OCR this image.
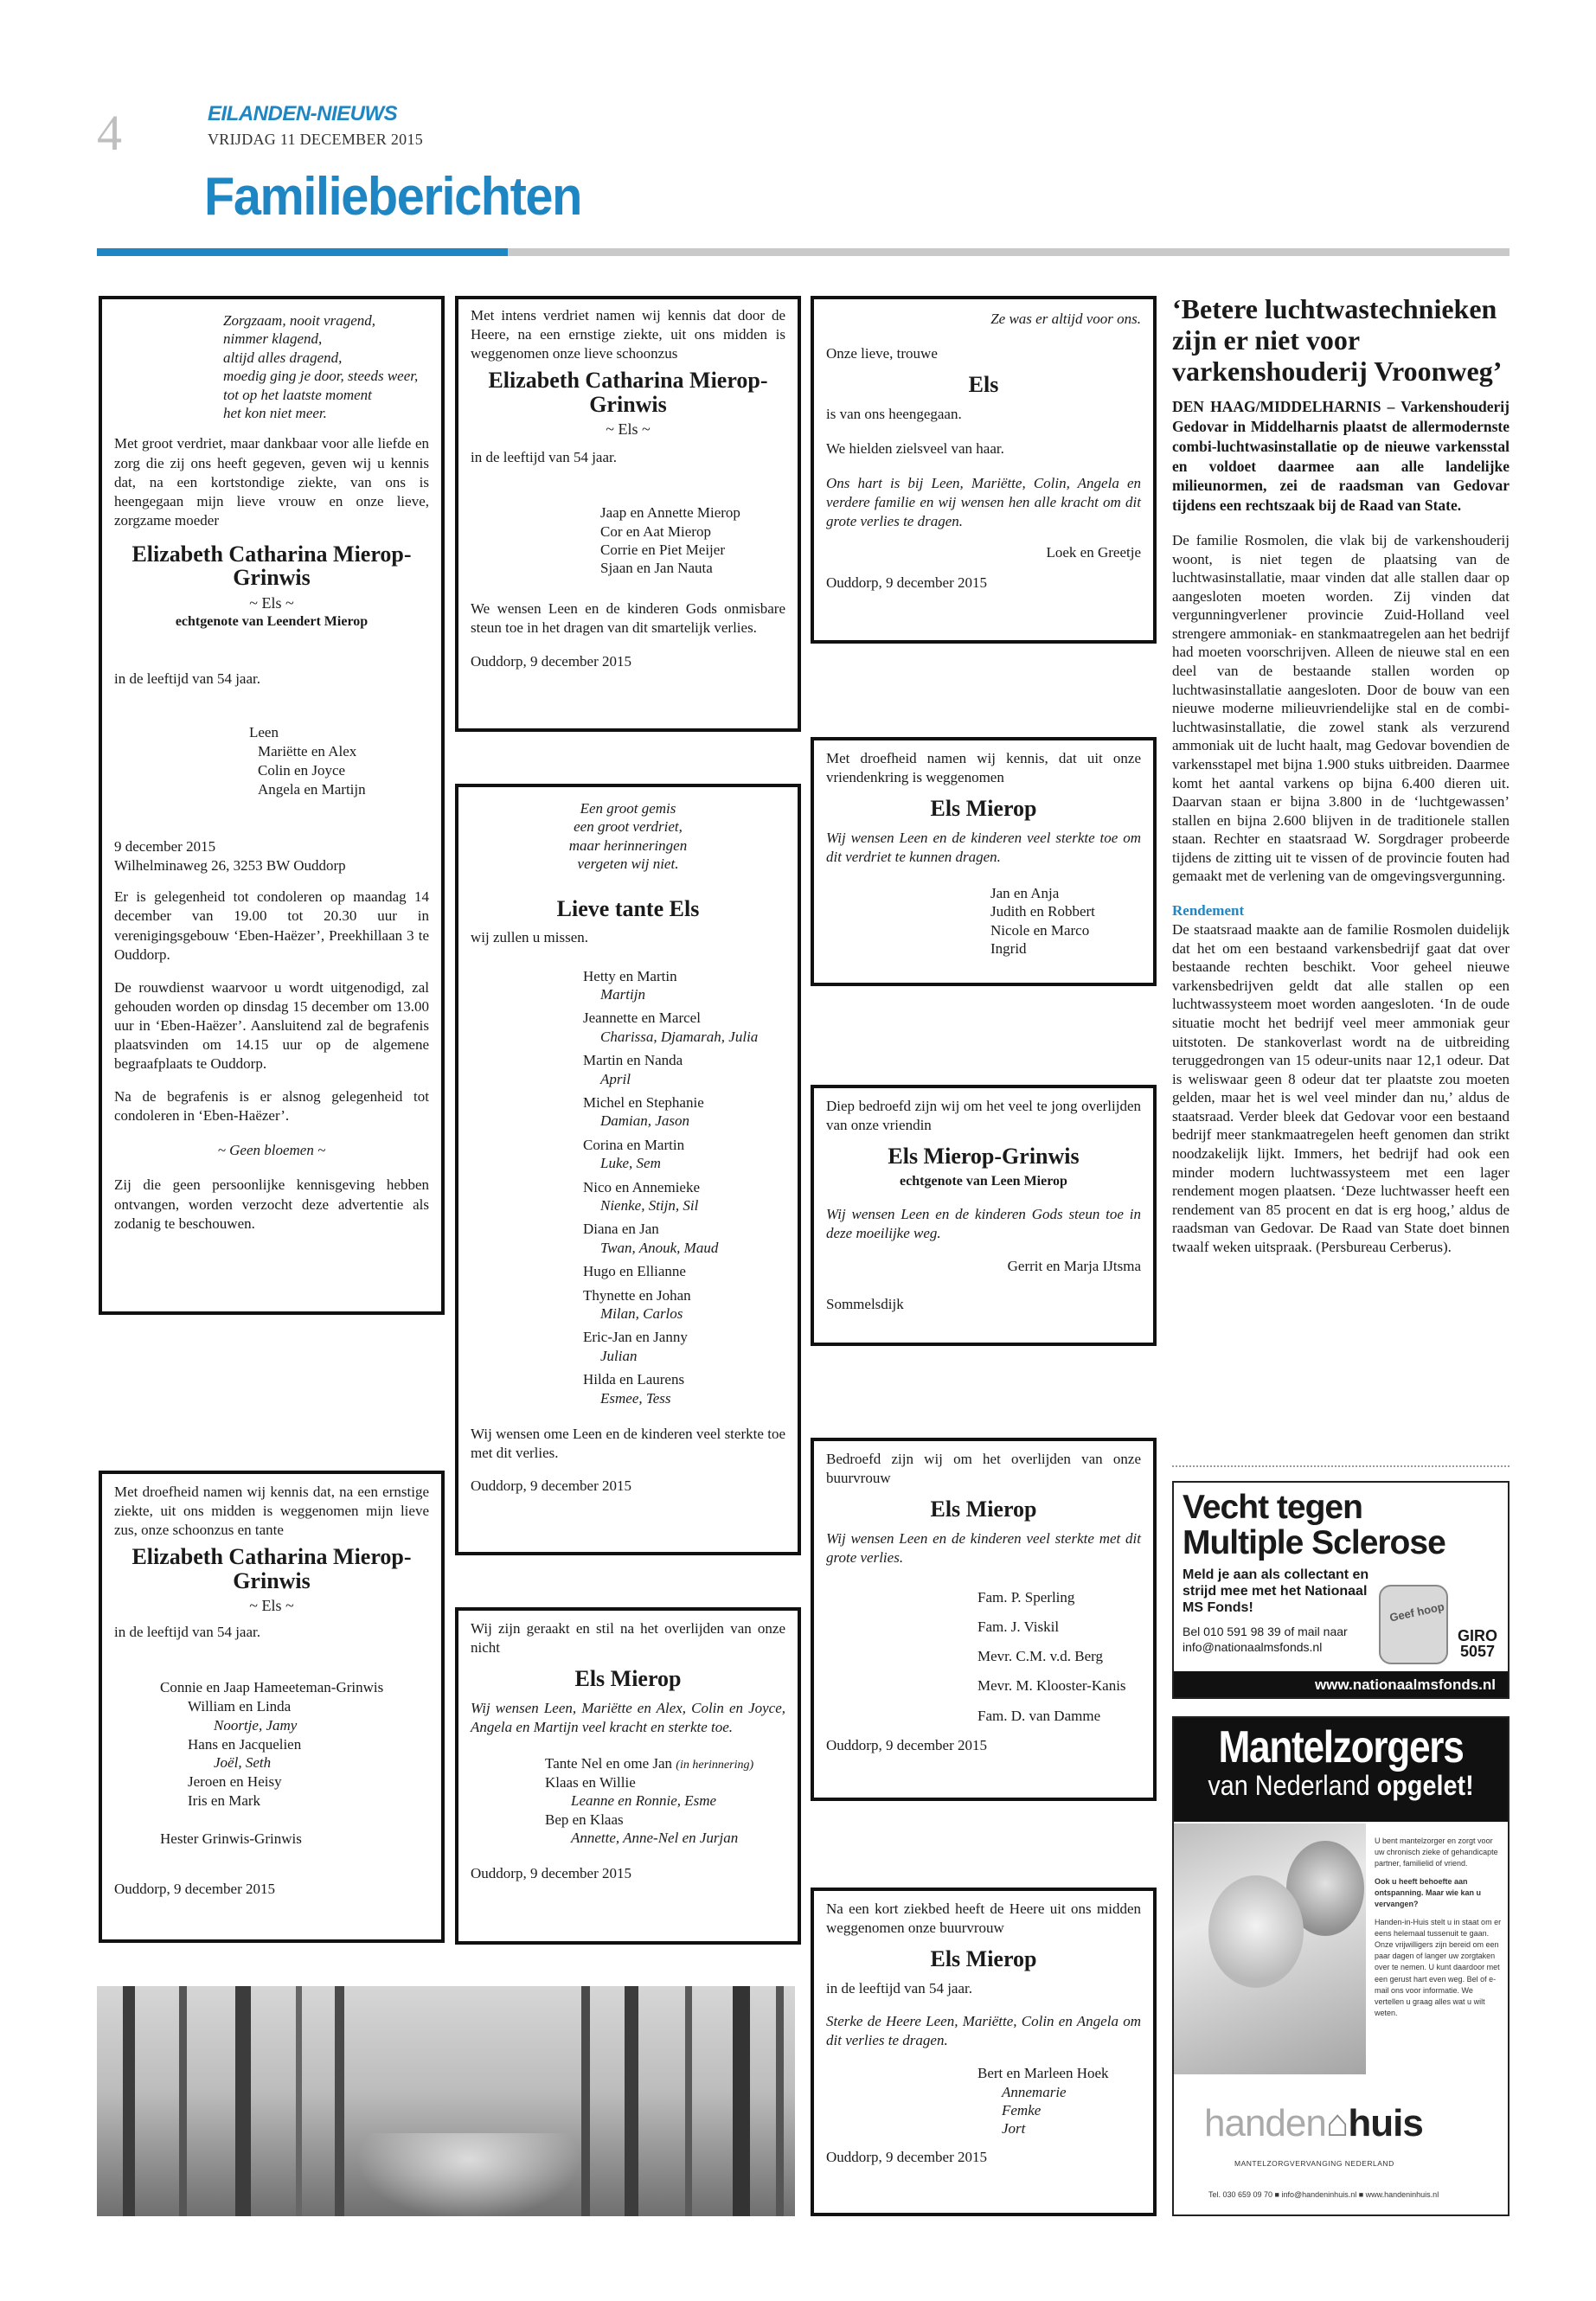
4	EILANDEN-NIEUWS
VRIJDAG 11 DECEMBER 2015
Familieberichten
Zorgzaam, nooit vragend,
nimmer klagend,
altijd alles dragend,
moedig ging je door, steeds weer,
tot op het laatste moment
het kon niet meer.

Met groot verdriet, maar dankbaar voor alle liefde en zorg die zij ons heeft gegeven, geven wij u kennis dat, na een kortstondige ziekte, van ons is heengegaan mijn lieve vrouw en onze lieve, zorgzame moeder

Elizabeth Catharina Mierop-Grinwis
~ Els ~
echtgenote van Leendert Mierop

in de leeftijd van 54 jaar.

Leen
Mariëtte en Alex
Colin en Joyce
Angela en Martijn
9 december 2015

Wilhelminaweg 26, 3253 BW Ouddorp

Er is gelegenheid tot condoleren op maandag 14 december van 19.00 tot 20.30 uur in verenigingsgebouw ‘Eben-Haëzer’, Preekhillaan 3 te Ouddorp.

De rouwdienst waarvoor u wordt uitgenodigd, zal gehouden worden op dinsdag 15 december om 13.00 uur in ‘Eben-Haëzer’. Aansluitend zal de begrafenis plaatsvinden om 14.15 uur op de algemene begraafplaats te Ouddorp.

Na de begrafenis is er alsnog gelegenheid tot condoleren in ‘Eben-Haëzer’.

~ Geen bloemen ~

Zij die geen persoonlijke kennisgeving hebben ontvangen, worden verzocht deze advertentie als zodanig te beschouwen.

Met droefheid namen wij kennis dat, na een ernstige ziekte, uit ons midden is weggenomen mijn lieve zus, onze schoonzus en tante

Elizabeth Catharina Mierop-Grinwis
~ Els ~

in de leeftijd van 54 jaar.

Connie en Jaap Hameeteman-Grinwis
William en Linda
Noortje, Jamy
Hans en Jacquelien
Joël, Seth
Jeroen en Heisy
Iris en Mark
Hester Grinwis-Grinwis
Ouddorp, 9 december 2015

Met intens verdriet namen wij kennis dat door de Heere, na een ernstige ziekte, uit ons midden is weggenomen onze lieve schoonzus

Elizabeth Catharina Mierop-Grinwis
~ Els ~

in de leeftijd van 54 jaar.

Jaap en Annette Mierop
Cor en Aat Mierop
Corrie en Piet Meijer
Sjaan en Jan Nauta

We wensen Leen en de kinderen Gods onmisbare steun toe in het dragen van dit smartelijk verlies.

Ouddorp, 9 december 2015
Een groot gemis
een groot verdriet,
maar herinneringen
vergeten wij niet.
Lieve tante Els

wij zullen u missen.

Hetty en Martin
Martijn
Jeannette en Marcel
Charissa, Djamarah, Julia
Martin en Nanda
April
Michel en Stephanie
Damian, Jason
Corina en Martin
Luke, Sem
Nico en Annemieke
Nienke, Stijn, Sil
Diana en Jan
Twan, Anouk, Maud
Hugo en Ellianne
Thynette en Johan
Milan, Carlos
Eric-Jan en Janny
Julian
Hilda en Laurens
Esmee, Tess

Wij wensen ome Leen en de kinderen veel sterkte toe met dit verlies.

Ouddorp, 9 december 2015

Wij zijn geraakt en stil na het overlijden van onze nicht

Els Mierop

Wij wensen Leen, Mariëtte en Alex, Colin en Joyce, Angela en Martijn veel kracht en sterkte toe.

Tante Nel en ome Jan (in herinnering)
Klaas en Willie
Leanne en Ronnie, Esme
Bep en Klaas
Annette, Anne-Nel en Jurjan
Ouddorp, 9 december 2015

Ze was er altijd voor ons.

Onze lieve, trouwe

Els

is van ons heengegaan.

We hielden zielsveel van haar.

Ons hart is bij Leen, Mariëtte, Colin, Angela en verdere familie en wij wensen hen alle kracht om dit grote verlies te dragen.

Loek en Greetje

Ouddorp, 9 december 2015

Met droefheid namen wij kennis, dat uit onze vriendenkring is weggenomen

Els Mierop

Wij wensen Leen en de kinderen veel sterkte toe om dit verdriet te kunnen dragen.

Jan en Anja
Judith en Robbert
Nicole en Marco
Ingrid

Diep bedroefd zijn wij om het veel te jong overlijden van onze vriendin

Els Mierop-Grinwis
echtgenote van Leen Mierop

Wij wensen Leen en de kinderen Gods steun toe in deze moeilijke weg.

Gerrit en Marja IJtsma

Sommelsdijk

Bedroefd zijn wij om het overlijden van onze buurvrouw

Els Mierop

Wij wensen Leen en de kinderen veel sterkte met dit grote verlies.

Fam. P. Sperling
Fam. J. Viskil
Mevr. C.M. v.d. Berg
Mevr. M. Klooster-Kanis
Fam. D. van Damme
Ouddorp, 9 december 2015

Na een kort ziekbed heeft de Heere uit ons midden weggenomen onze buurvrouw

Els Mierop

in de leeftijd van 54 jaar.

Sterke de Heere Leen, Mariëtte, Colin en Angela om dit verlies te dragen.

Bert en Marleen Hoek
Annemarie
Femke
Jort
Ouddorp, 9 december 2015
‘Betere luchtwastechnieken zijn er niet voor varkenshouderij Vroonweg’

DEN HAAG/MIDDELHARNIS – Varkenshouderij Gedovar in Middelharnis plaatst de allermodernste combi-luchtwasinstallatie op de nieuwe varkensstal en voldoet daarmee aan alle landelijke milieunormen, zei de raadsman van Gedovar tijdens een rechtszaak bij de Raad van State.

De familie Rosmolen, die vlak bij de varkenshouderij woont, is niet tegen de plaatsing van de luchtwasinstallatie, maar vinden dat alle stallen daar op aangesloten moeten worden. Zij vinden dat vergunningverlener provincie Zuid-Holland veel strengere ammoniak- en stankmaatregelen aan het bedrijf had moeten voorschrijven. Alleen de nieuwe stal en een deel van de bestaande stallen worden op luchtwasinstallatie aangesloten. Door de bouw van een nieuwe moderne milieuvriendelijke stal en de combi-luchtwasinstallatie, die zowel stank als verzurend ammoniak uit de lucht haalt, mag Gedovar bovendien de varkensstapel met bijna 1.900 stuks uitbreiden. Daarmee komt het aantal varkens op bijna 6.400 dieren uit. Daarvan staan er bijna 3.800 in de ‘luchtgewassen’ stallen en bijna 2.600 blijven in de traditionele stallen staan. Rechter en staatsraad W. Sorgdrager probeerde tijdens de zitting uit te vissen of de provincie fouten had gemaakt met de verlening van de omgevingsvergunning.

Rendement

De staatsraad maakte aan de familie Rosmolen duidelijk dat het om een bestaand varkensbedrijf gaat dat over bestaande rechten beschikt. Voor geheel nieuwe varkensbedrijven geldt dat alle stallen op een luchtwassysteem moet worden aangesloten. ‘In de oude situatie mocht het bedrijf veel meer ammoniak geur uitstoten. De stankoverlast wordt na de uitbreiding teruggedrongen van 15 odeur-units naar 12,1 odeur. Dat is weliswaar geen 8 odeur dat ter plaatste zou moeten gelden, maar het is wel veel minder dan nu,’ aldus de staatsraad. Verder bleek dat Gedovar voor een bestaand bedrijf meer stankmaatregelen heeft genomen dan strikt noodzakelijk lijkt. Immers, het bedrijf had ook een minder modern luchtwassysteem met een lager rendement mogen plaatsen. ‘Deze luchtwasser heeft een rendement van 85 procent en dat is erg hoog,’ aldus de raadsman van Gedovar. De Raad van State doet binnen twaalf weken uitspraak. (Persbureau Cerberus).

Vecht tegen
Multiple Sclerose
Meld je aan als collectant en strijd mee met het Nationaal MS Fonds!
Bel 010 591 98 39 of mail naar info@nationaalmsfonds.nl
Geef hoop
GIRO
5057
www.nationaalmsfonds.nl
Mantelzorgers
van Nederland opgelet!

U bent mantelzorger en zorgt voor uw chronisch zieke of gehandicapte partner, familielid of vriend.

Ook u heeft behoefte aan ontspanning. Maar wie kan u vervangen?

Handen-in-Huis stelt u in staat om er eens helemaal tussenuit te gaan. Onze vrijwilligers zijn bereid om een paar dagen of langer uw zorgtaken over te nemen. U kunt daardoor met een gerust hart even weg. Bel of e-mail ons voor informatie. We vertellen u graag alles wat u wilt weten.

handen⌂huis
MANTELZORGVERVANGING NEDERLAND
Tel. 030 659 09 70 ■ info@handeninhuis.nl ■ www.handeninhuis.nl
